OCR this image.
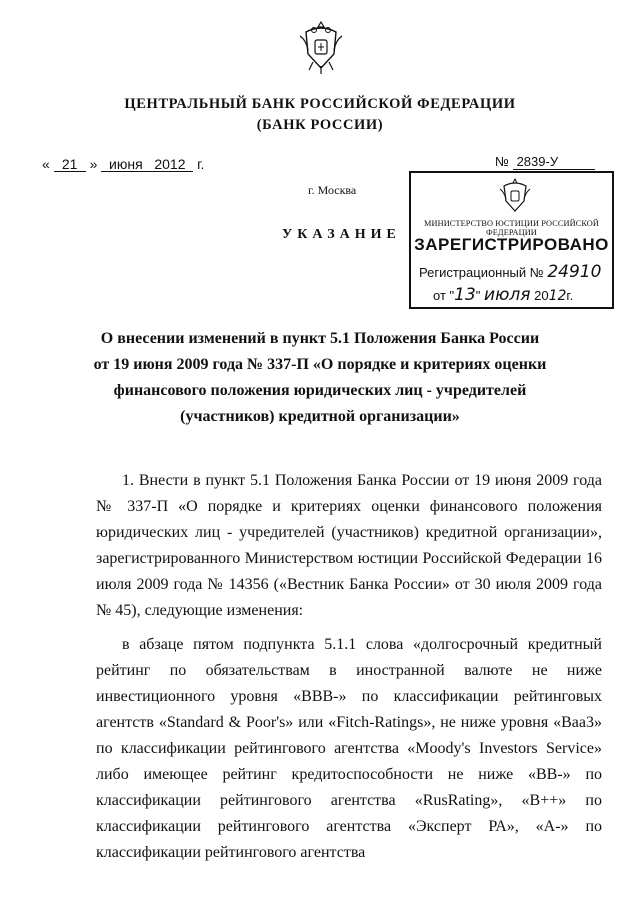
ЦЕНТРАЛЬНЫЙ БАНК РОССИЙСКОЙ ФЕДЕРАЦИИ
(БАНК РОССИИ)
« 21 » июня 2012 г.	№ 2839-У
г. Москва
УКАЗАНИЕ
МИНИСТЕРСТВО ЮСТИЦИИ РОССИЙСКОЙ ФЕДЕРАЦИИ
ЗАРЕГИСТРИРОВАНО
Регистрационный № 24910
от "13" июля 2012г.
О внесении изменений в пункт 5.1 Положения Банка России
от 19 июня 2009 года № 337-П «О порядке и критериях оценки
финансового положения юридических лиц - учредителей
(участников) кредитной организации»

1. Внести в пункт 5.1 Положения Банка России от 19 июня 2009 года № 337-П «О порядке и критериях оценки финансового положения юридических лиц - учредителей (участников) кредитной организации», зарегистрированного Министерством юстиции Российской Федерации 16 июля 2009 года № 14356 («Вестник Банка России» от 30 июля 2009 года № 45), следующие изменения:

в абзаце пятом подпункта 5.1.1 слова «долгосрочный кредитный рейтинг по обязательствам в иностранной валюте не ниже инвестиционного уровня «ВВВ-» по классификации рейтинговых агентств «Standard & Poor's» или «Fitch-Ratings», не ниже уровня «Ваа3» по классификации рейтингового агентства «Moody's Investors Service» либо имеющее рейтинг кредитоспособности не ниже «ВВ-» по классификации рейтингового агентства «RusRating», «B++» по классификации рейтингового агентства «Эксперт РА», «А-» по классификации рейтингового агентства
